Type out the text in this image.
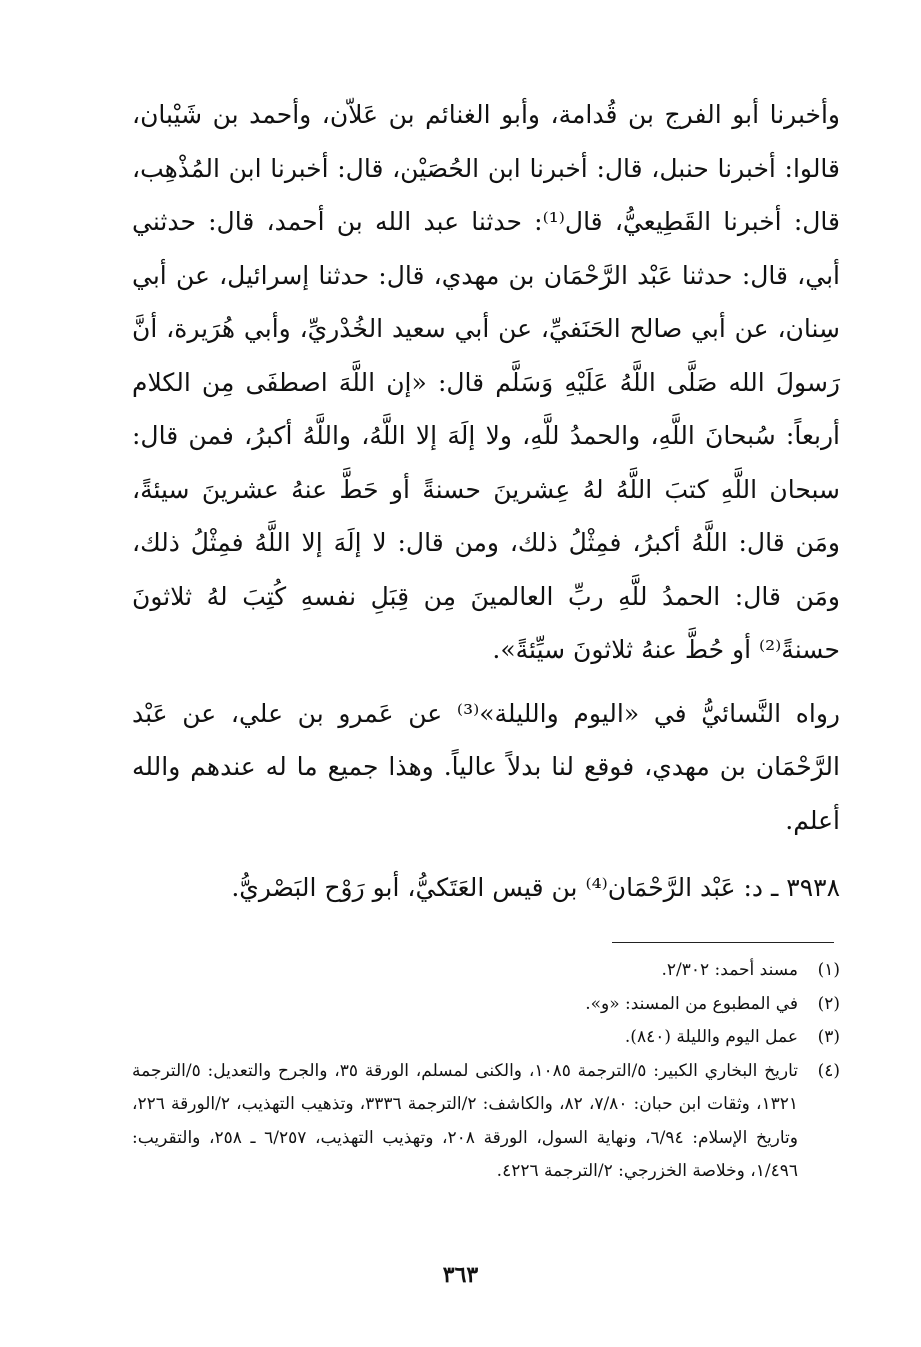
وأخبرنا أبو الفرج بن قُدامة، وأبو الغنائم بن عَلاّن، وأحمد بن شَيْبان، قالوا: أخبرنا حنبل، قال: أخبرنا ابن الحُصَيْن، قال: أخبرنا ابن المُذْهِب، قال: أخبرنا القَطِيعيُّ، قال⁽¹⁾: حدثنا عبد الله بن أحمد، قال: حدثني أبي، قال: حدثنا عَبْد الرَّحْمَان بن مهدي، قال: حدثنا إسرائيل، عن أبي سِنان، عن أبي صالح الحَنَفيِّ، عن أبي سعيد الخُدْريِّ، وأبي هُرَيرة، أنَّ رَسولَ الله صَلَّى اللَّهُ عَلَيْهِ وَسَلَّم قال: «إن اللَّهَ اصطفَى مِن الكلام أربعاً: سُبحانَ اللَّهِ، والحمدُ للَّهِ، ولا إلَهَ إلا اللَّهُ، واللَّهُ أكبرُ، فمن قال: سبحان اللَّهِ كتبَ اللَّهُ لهُ عِشرينَ حسنةً أو حَطَّ عنهُ عشرينَ سيئةً، ومَن قال: اللَّهُ أكبرُ، فمِثْلُ ذلك، ومن قال: لا إلَهَ إلا اللَّهُ فمِثْلُ ذلك، ومَن قال: الحمدُ للَّهِ ربِّ العالمينَ مِن قِبَلِ نفسهِ كُتِبَ لهُ ثلاثونَ حسنةً⁽²⁾ أو حُطَّ عنهُ ثلاثونَ سيِّئةً».

رواه النَّسائيُّ في «اليوم والليلة»⁽³⁾ عن عَمرو بن علي، عن عَبْد الرَّحْمَان بن مهدي، فوقع لنا بدلاً عالياً. وهذا جميع ما له عندهم والله أعلم.

٣٩٣٨ ـ د: عَبْد الرَّحْمَان⁽⁴⁾ بن قيس العَتَكيُّ، أبو رَوْح البَصْريُّ.

(١)
مسند أحمد: ٢/٣٠٢.
(٢)
في المطبوع من المسند: «و».
(٣)
عمل اليوم والليلة (٨٤٠).
(٤)
تاريخ البخاري الكبير: ٥/الترجمة ١٠٨٥، والكنى لمسلم، الورقة ٣٥، والجرح والتعديل: ٥/الترجمة ١٣٢١، وثقات ابن حبان: ٧/٨٠، ٨٢، والكاشف: ٢/الترجمة ٣٣٣٦، وتذهيب التهذيب، ٢/الورقة ٢٢٦، وتاريخ الإسلام: ٦/٩٤، ونهاية السول، الورقة ٢٠٨، وتهذيب التهذيب، ٦/٢٥٧ ـ ٢٥٨، والتقريب: ١/٤٩٦، وخلاصة الخزرجي: ٢/الترجمة ٤٢٢٦.
٣٦٣
